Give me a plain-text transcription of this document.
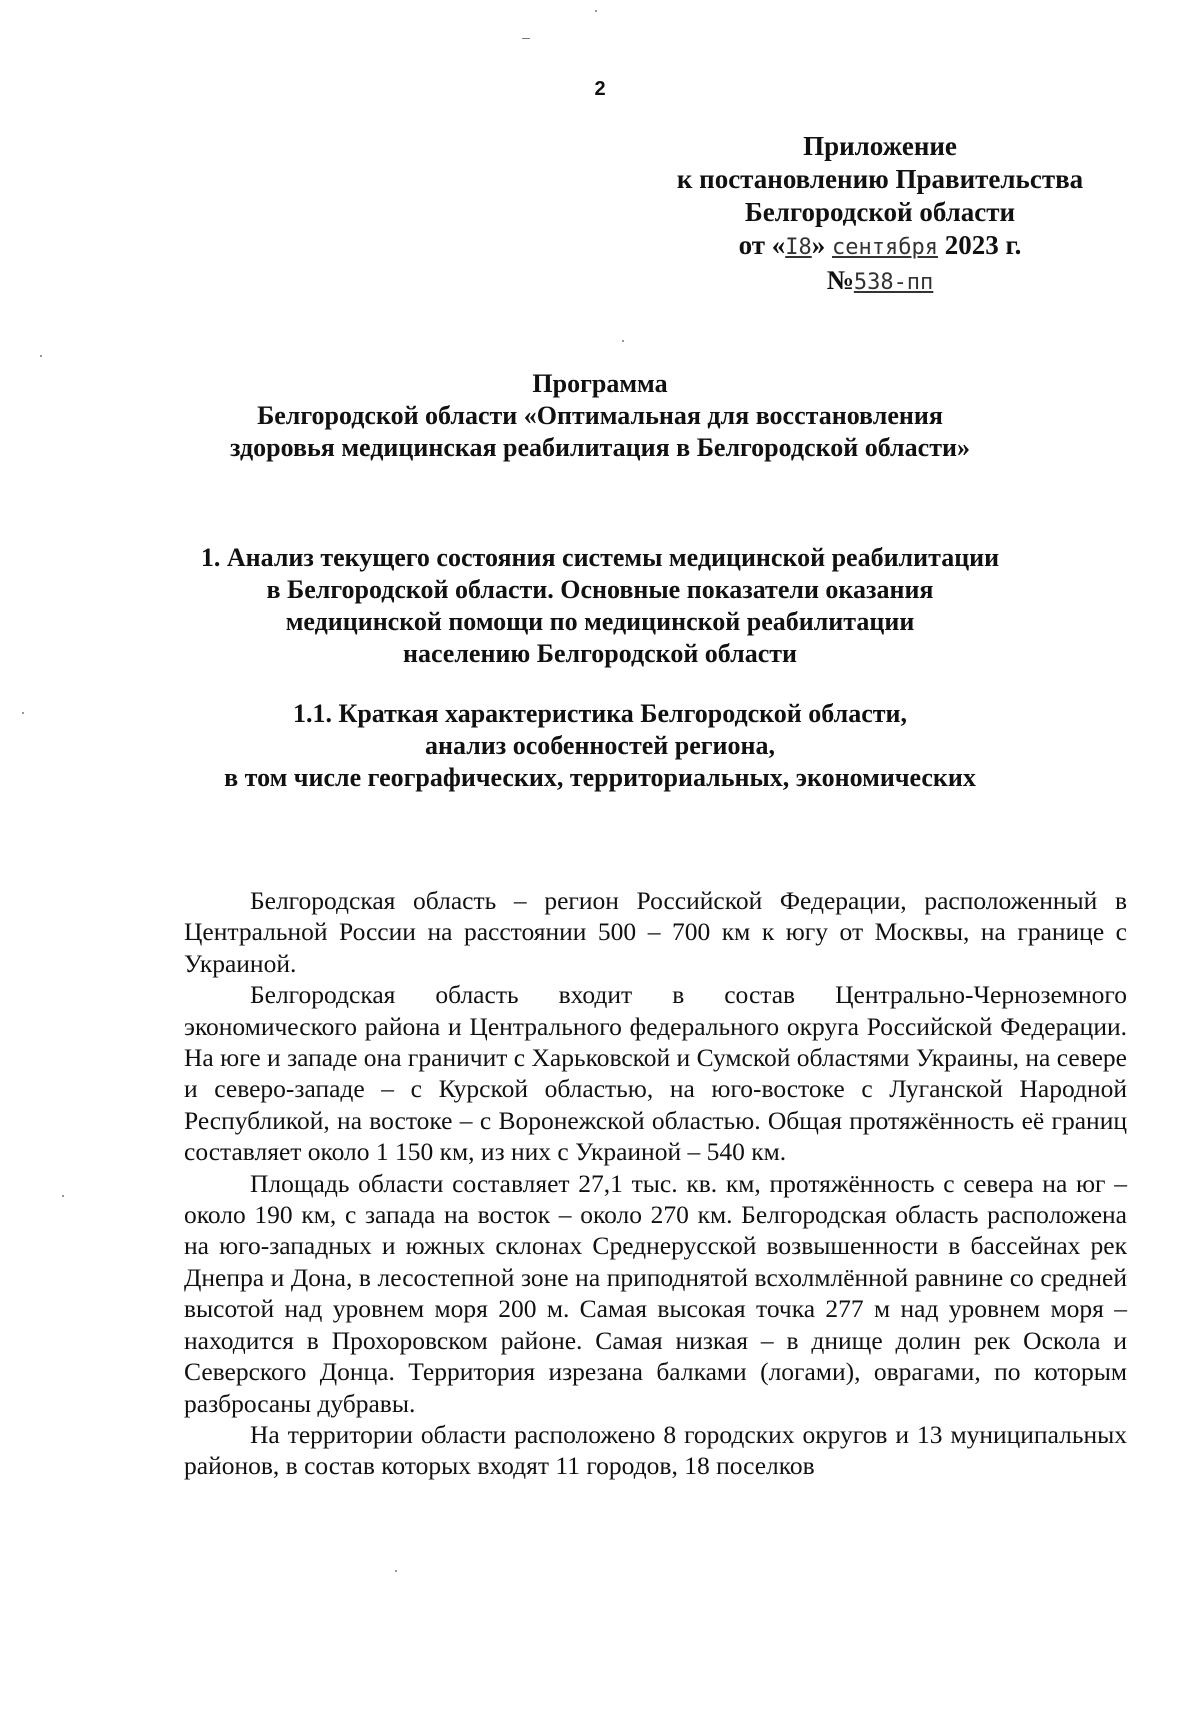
2
Приложение
к постановлению Правительства
Белгородской области
от «I8» сентября 2023 г.
№538-пп
Программа
Белгородской области «Оптимальная для восстановления
здоровья медицинская реабилитация в Белгородской области»
1. Анализ текущего состояния системы медицинской реабилитации
в Белгородской области. Основные показатели оказания
медицинской помощи по медицинской реабилитации
населению Белгородской области
1.1. Краткая характеристика Белгородской области,
анализ особенностей региона,
в том числе географических, территориальных, экономических

Белгородская область – регион Российской Федерации, расположенный в Центральной России на расстоянии 500 – 700 км к югу от Москвы, на границе с Украиной.

Белгородская область входит в состав Центрально-Черноземного экономического района и Центрального федерального округа Российской Федерации. На юге и западе она граничит с Харьковской и Сумской областями Украины, на севере и северо-западе – с Курской областью, на юго-востоке с Луганской Народной Республикой, на востоке – с Воронежской областью. Общая протяжённость её границ составляет около 1 150 км, из них с Украиной – 540 км.

Площадь области составляет 27,1 тыс. кв. км, протяжённость с севера на юг – около 190 км, с запада на восток – около 270 км. Белгородская область расположена на юго-западных и южных склонах Среднерусской возвышенности в бассейнах рек Днепра и Дона, в лесостепной зоне на приподнятой всхолмлённой равнине со средней высотой над уровнем моря 200 м. Самая высокая точка 277 м над уровнем моря – находится в Прохоровском районе. Самая низкая – в днище долин рек Оскола и Северского Донца. Территория изрезана балками (логами), оврагами, по которым разбросаны дубравы.

На территории области расположено 8 городских округов и 13 муниципальных районов, в состав которых входят 11 городов, 18 поселков
